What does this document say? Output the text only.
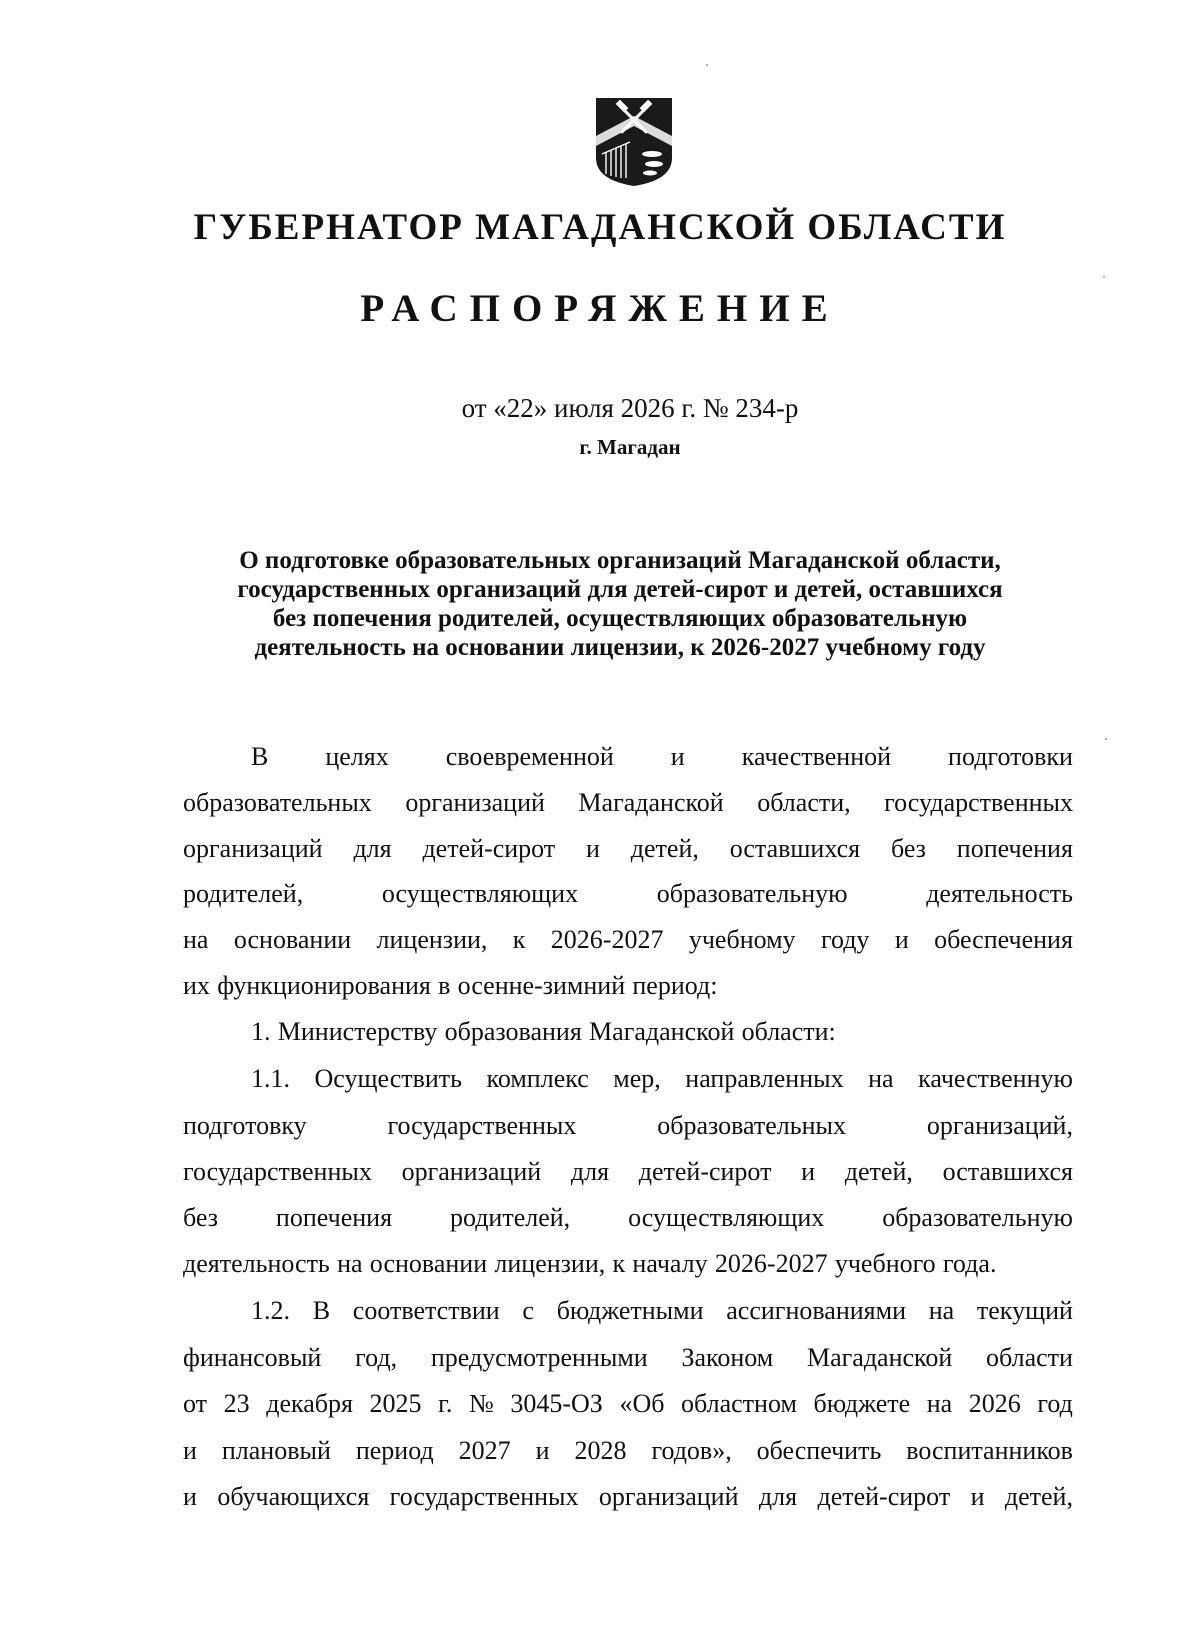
ГУБЕРНАТОР МАГАДАНСКОЙ ОБЛАСТИ
РАСПОРЯЖЕНИЕ
от «22» июля 2026 г. № 234-р
г. Магадан
О подготовке образовательных организаций Магаданской области,
государственных организаций для детей-сирот и детей, оставшихся
без попечения родителей, осуществляющих образовательную
деятельность на основании лицензии, к 2026-2027 учебному году
В целях своевременной и качественной подготовки
образовательных организаций Магаданской области, государственных
организаций для детей-сирот и детей, оставшихся без попечения
родителей,	осуществляющих	образовательную	деятельность
на основании лицензии, к 2026-2027 учебному году и обеспечения
их функционирования в осенне-зимний период:
1. Министерству образования Магаданской области:
1.1. Осуществить комплекс мер, направленных на качественную
подготовку	государственных	образовательных	организаций,
государственных организаций для детей-сирот и детей, оставшихся
без попечения родителей, осуществляющих образовательную
деятельность на основании лицензии, к началу 2026-2027 учебного года.
1.2. В соответствии с бюджетными ассигнованиями на текущий
финансовый год, предусмотренными Законом Магаданской области
от 23 декабря 2025 г. № 3045-ОЗ «Об областном бюджете на 2026 год
и плановый период 2027 и 2028 годов», обеспечить воспитанников
и обучающихся государственных организаций для детей-сирот и детей,
